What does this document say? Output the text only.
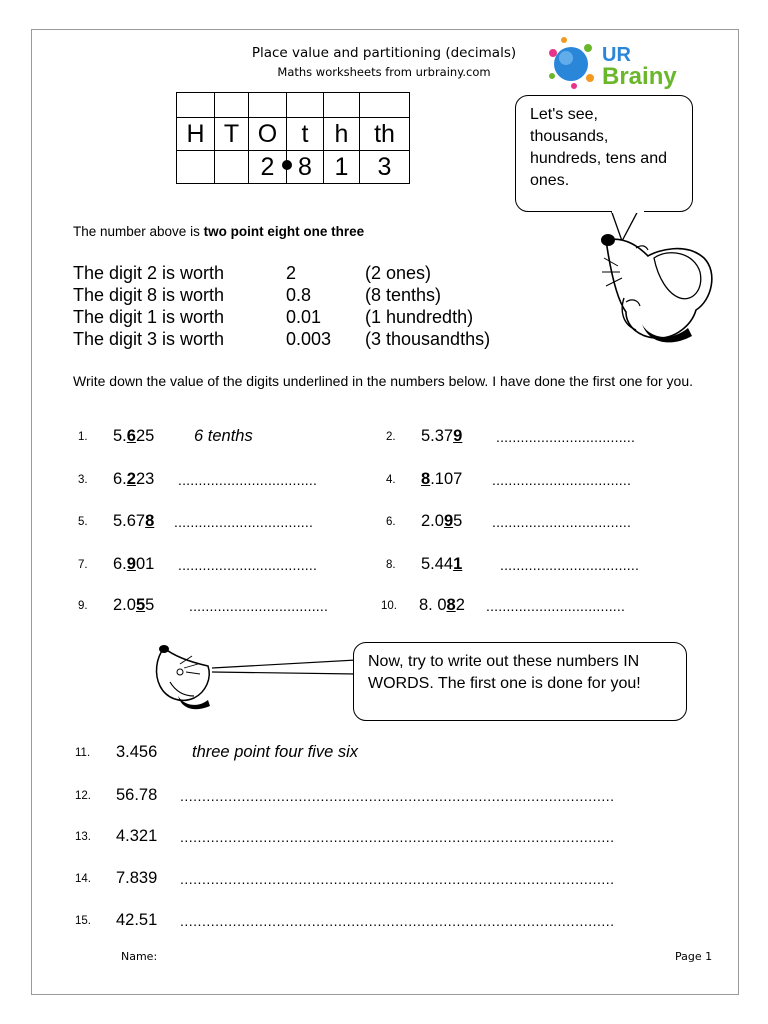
Place value and partitioning (decimals)
Maths worksheets from urbrainy.com
UR
Brainy

H	T	O	t	h	th
		2	8	1	3
Let's see, thousands, hundreds, tens and ones.
The number above is two point eight one three
The digit 2 is worth	2	(2 ones)
The digit 8 is worth	0.8	(8 tenths)
The digit 1 is worth	0.01 (1 hundredth)
The digit 3 is worth	0.003 (3 thousandths)
Write down the value of the digits underlined in the numbers below. I have done the first one for you.
1. 5.625 6 tenths
3. 6.223 ..................................
5. 5.678 ..................................
7. 6.901 ..................................
9. 2.055 ..................................
2. 5.379 ..................................
4. 8.107 ..................................
6. 2.095 ..................................
8. 5.441	..................................
10. 8. 082 ..................................
Now, try to write out these numbers IN WORDS. The first one is done for you!
11. 3.456 three point four five six
12. 56.78 ...................................................................................................
13. 4.321 ...................................................................................................
14. 7.839 ...................................................................................................
15. 42.51 ...................................................................................................
Name:	Page 1
